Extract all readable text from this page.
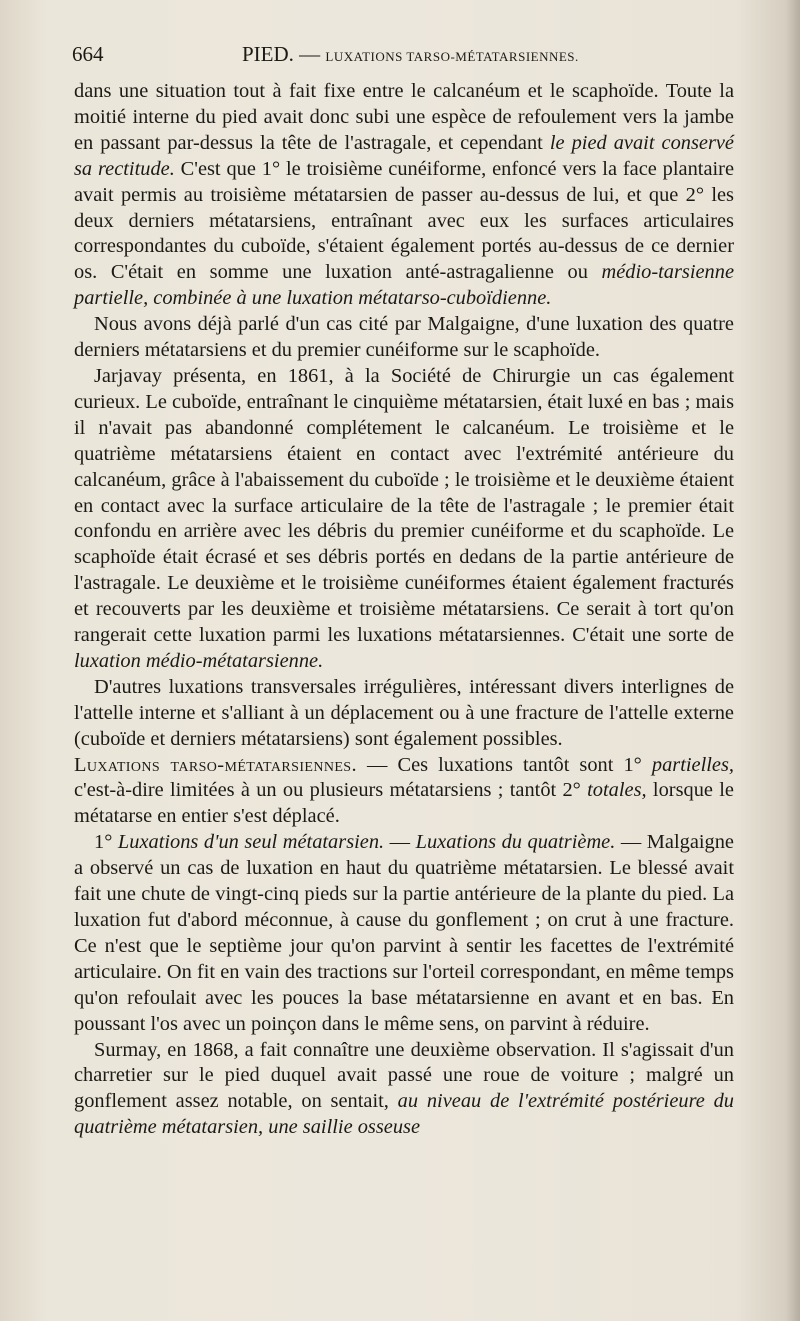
664	PIED. — LUXATIONS TARSO-MÉTATARSIENNES.

dans une situation tout à fait fixe entre le calcanéum et le scaphoïde. Toute la moitié interne du pied avait donc subi une espèce de refoulement vers la jambe en passant par-dessus la tête de l'astragale, et cependant le pied avait conservé sa rectitude. C'est que 1° le troisième cunéiforme, enfoncé vers la face plantaire avait permis au troisième métatarsien de passer au-dessus de lui, et que 2° les deux derniers métatarsiens, entraînant avec eux les surfaces articulaires correspondantes du cuboïde, s'étaient également portés au-dessus de ce dernier os. C'était en somme une luxation anté-astragalienne ou médio-tarsienne partielle, combinée à une luxation métatarso-cuboïdienne.

Nous avons déjà parlé d'un cas cité par Malgaigne, d'une luxation des quatre derniers métatarsiens et du premier cunéiforme sur le scaphoïde.

Jarjavay présenta, en 1861, à la Société de Chirurgie un cas également curieux. Le cuboïde, entraînant le cinquième métatarsien, était luxé en bas ; mais il n'avait pas abandonné complétement le calcanéum. Le troisième et le quatrième métatarsiens étaient en contact avec l'extrémité antérieure du calcanéum, grâce à l'abaissement du cuboïde ; le troisième et le deuxième étaient en contact avec la surface articulaire de la tête de l'astragale ; le premier était confondu en arrière avec les débris du premier cunéiforme et du scaphoïde. Le scaphoïde était écrasé et ses débris portés en dedans de la partie antérieure de l'astragale. Le deuxième et le troisième cunéiformes étaient également fracturés et recouverts par les deuxième et troisième métatarsiens. Ce serait à tort qu'on rangerait cette luxation parmi les luxations métatarsiennes. C'était une sorte de luxation médio-métatarsienne.

D'autres luxations transversales irrégulières, intéressant divers interlignes de l'attelle interne et s'alliant à un déplacement ou à une fracture de l'attelle externe (cuboïde et derniers métatarsiens) sont également possibles.

Luxations tarso-métatarsiennes. — Ces luxations tantôt sont 1° partielles, c'est-à-dire limitées à un ou plusieurs métatarsiens ; tantôt 2° totales, lorsque le métatarse en entier s'est déplacé.

1° Luxations d'un seul métatarsien. — Luxations du quatrième. — Malgaigne a observé un cas de luxation en haut du quatrième métatarsien. Le blessé avait fait une chute de vingt-cinq pieds sur la partie antérieure de la plante du pied. La luxation fut d'abord méconnue, à cause du gonflement ; on crut à une fracture. Ce n'est que le septième jour qu'on parvint à sentir les facettes de l'extrémité articulaire. On fit en vain des tractions sur l'orteil correspondant, en même temps qu'on refoulait avec les pouces la base métatarsienne en avant et en bas. En poussant l'os avec un poinçon dans le même sens, on parvint à réduire.

Surmay, en 1868, a fait connaître une deuxième observation. Il s'agissait d'un charretier sur le pied duquel avait passé une roue de voiture ; malgré un gonflement assez notable, on sentait, au niveau de l'extrémité postérieure du quatrième métatarsien, une saillie osseuse
